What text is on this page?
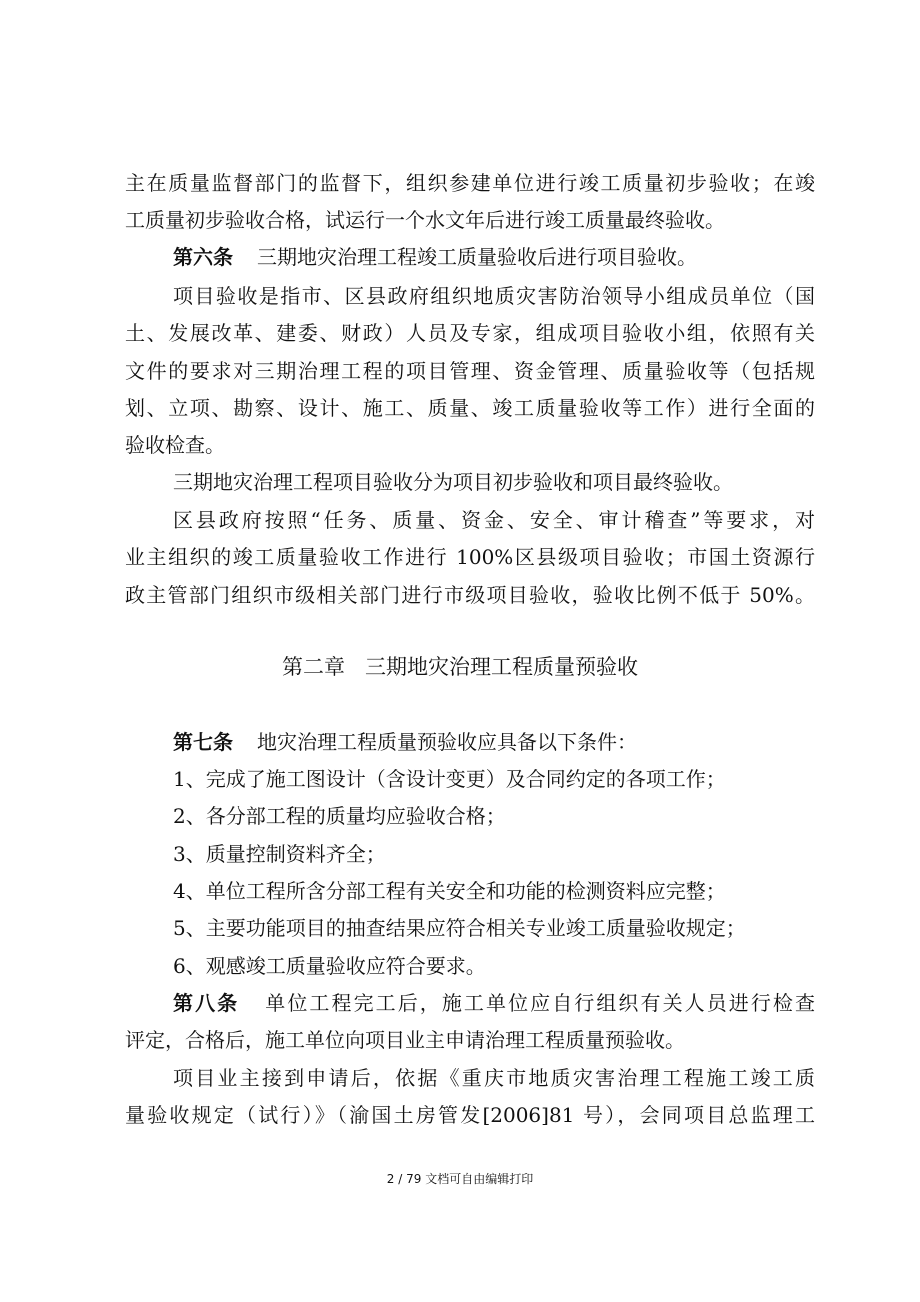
主在质量监督部门的监督下，组织参建单位进行竣工质量初步验收；在竣
工质量初步验收合格，试运行一个水文年后进行竣工质量最终验收。
第六条 三期地灾治理工程竣工质量验收后进行项目验收。
项目验收是指市、区县政府组织地质灾害防治领导小组成员单位（国
土、发展改革、建委、财政）人员及专家，组成项目验收小组，依照有关
文件的要求对三期治理工程的项目管理、资金管理、质量验收等（包括规
划、立项、勘察、设计、施工、质量、竣工质量验收等工作）进行全面的
验收检查。
三期地灾治理工程项目验收分为项目初步验收和项目最终验收。
区县政府按照“任务、质量、资金、安全、审计稽查”等要求，对
业主组织的竣工质量验收工作进行 100%区县级项目验收；市国土资源行
政主管部门组织市级相关部门进行市级项目验收，验收比例不低于 50%。
第二章 三期地灾治理工程质量预验收
第七条 地灾治理工程质量预验收应具备以下条件：
1、完成了施工图设计（含设计变更）及合同约定的各项工作；
2、各分部工程的质量均应验收合格；
3、质量控制资料齐全；
4、单位工程所含分部工程有关安全和功能的检测资料应完整；
5、主要功能项目的抽查结果应符合相关专业竣工质量验收规定；
6、观感竣工质量验收应符合要求。
第八条 单位工程完工后，施工单位应自行组织有关人员进行检查
评定，合格后，施工单位向项目业主申请治理工程质量预验收。
项目业主接到申请后，依据《重庆市地质灾害治理工程施工竣工质
量验收规定（试行）》（渝国土房管发[2006]81 号），会同项目总监理工
2 / 79 文档可自由编辑打印
